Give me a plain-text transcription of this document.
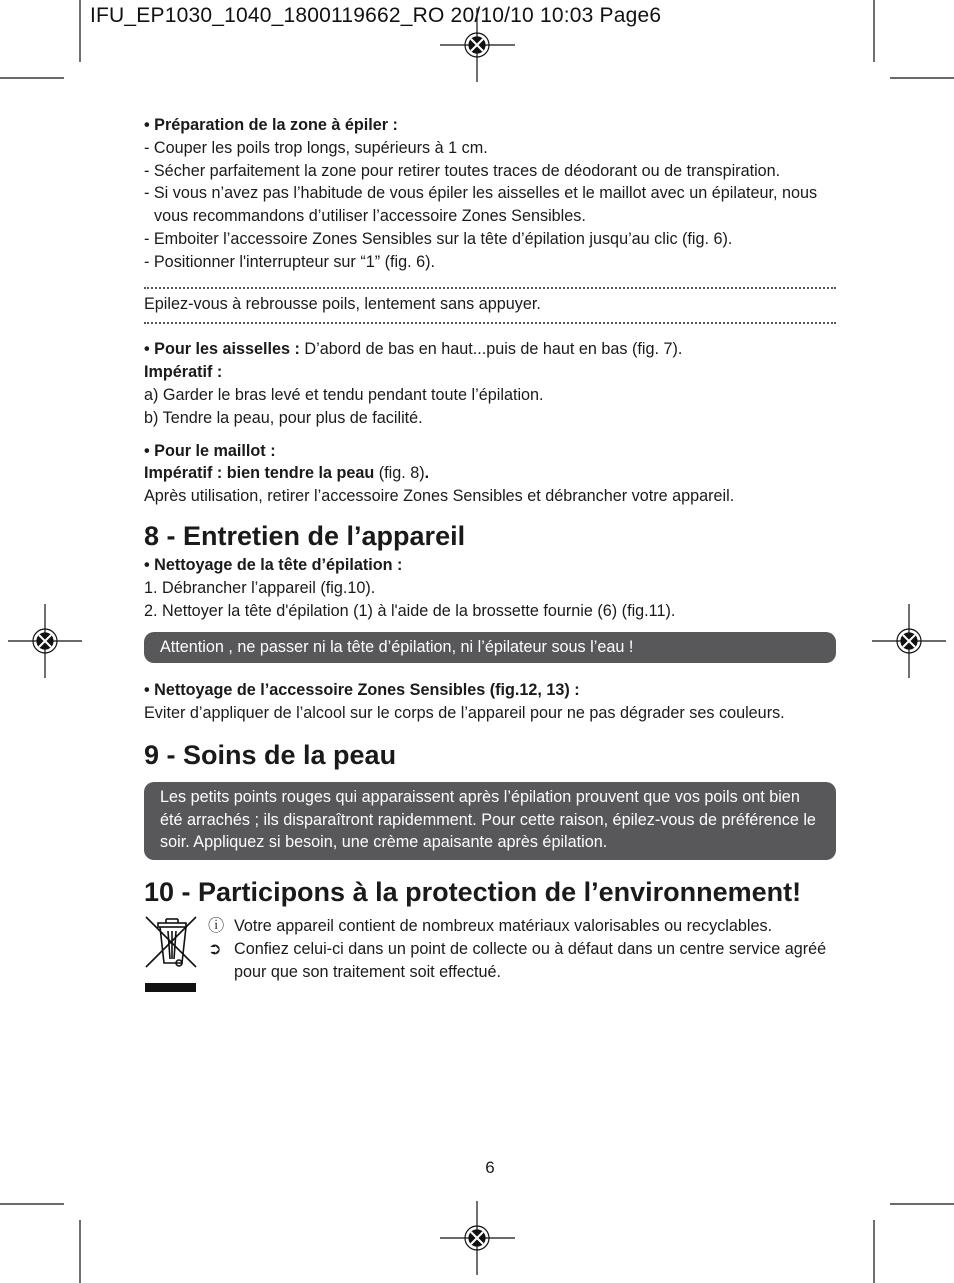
IFU_EP1030_1040_1800119662_RO 20/10/10 10:03 Page6

• Préparation de la zone à épiler :

- Couper les poils trop longs, supérieurs à 1 cm.

- Sécher parfaitement la zone pour retirer toutes traces de déodorant ou de transpiration.

- Si vous n’avez pas l’habitude de vous épiler les aisselles et le maillot avec un épilateur, nous vous recommandons d’utiliser l’accessoire Zones Sensibles.

- Emboiter l’accessoire Zones Sensibles sur la tête d’épilation jusqu’au clic (fig. 6).

- Positionner l'interrupteur sur “1” (fig. 6).

Epilez-vous à rebrousse poils, lentement sans appuyer.

• Pour les aisselles : D’abord de bas en haut...puis de haut en bas (fig. 7).

Impératif :

a) Garder le bras levé et tendu pendant toute l’épilation.

b) Tendre la peau, pour plus de facilité.

• Pour le maillot :

Impératif : bien tendre la peau (fig. 8).

Après utilisation, retirer l’accessoire Zones Sensibles et débrancher votre appareil.

8 - Entretien de l’appareil

• Nettoyage de la tête d’épilation :

1. Débrancher l’appareil (fig.10).

2. Nettoyer la tête d'épilation (1) à l'aide de la brossette fournie (6) (fig.11).

Attention , ne passer ni la tête d’épilation, ni l’épilateur sous l’eau !

• Nettoyage de l’accessoire Zones Sensibles (fig.12, 13) :

Eviter d’appliquer de l’alcool sur le corps de l’appareil pour ne pas dégrader ses couleurs.

9 - Soins de la peau
Les petits points rouges qui apparaissent après l’épilation prouvent que vos poils ont bien été arrachés ; ils disparaîtront rapidemment. Pour cette raison, épilez-vous de préférence le soir. Appliquez si besoin, une crème apaisante après épilation.
10 - Participons à la protection de l’environnement!
ⓘ Votre appareil contient de nombreux matériaux valorisables ou recyclables.
➲ Confiez celui-ci dans un point de collecte ou à défaut dans un centre service agréé pour que son traitement soit effectué.
6
